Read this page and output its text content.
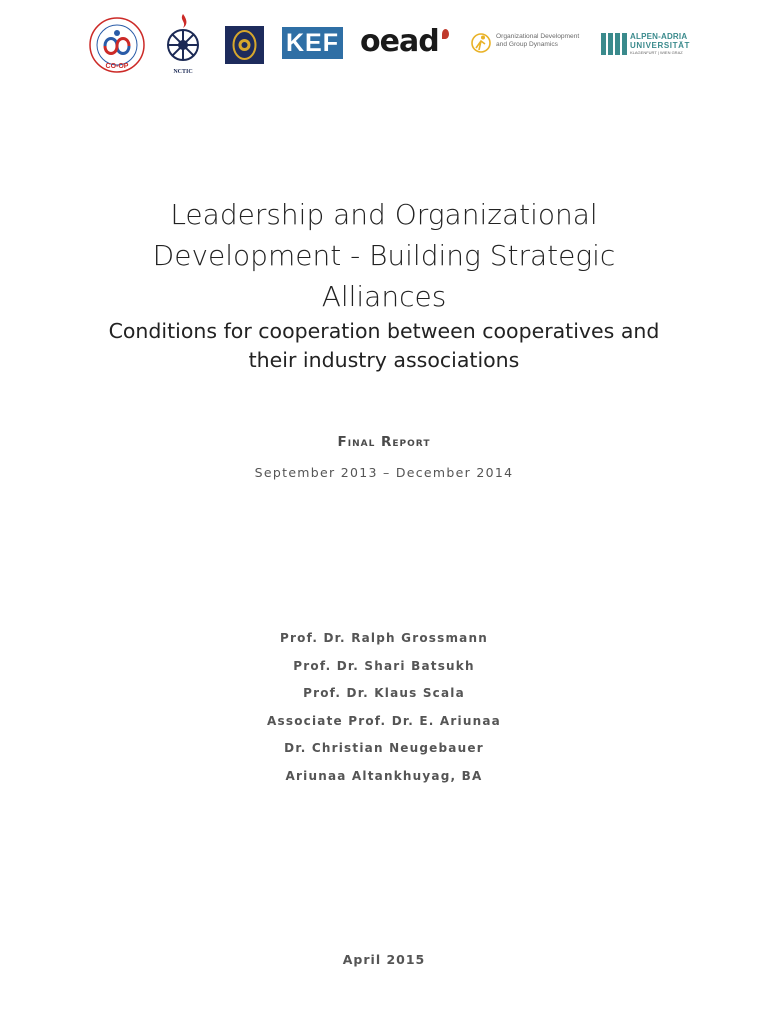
CO-OP
NCTIC
KEF oead	Organizational Development
and Group Dynamics
ALPEN-ADRIA
UNIVERSITÄT
KLAGENFURT | WIEN GRAZ
Leadership and Organizational
Development - Building Strategic
Alliances
Conditions for cooperation between cooperatives and
their industry associations
Final Report
September 2013 – December 2014
Prof. Dr. Ralph Grossmann
Prof. Dr. Shari Batsukh
Prof. Dr. Klaus Scala
Associate Prof. Dr. E. Ariunaa
Dr. Christian Neugebauer
Ariunaa Altankhuyag, BA
April 2015
